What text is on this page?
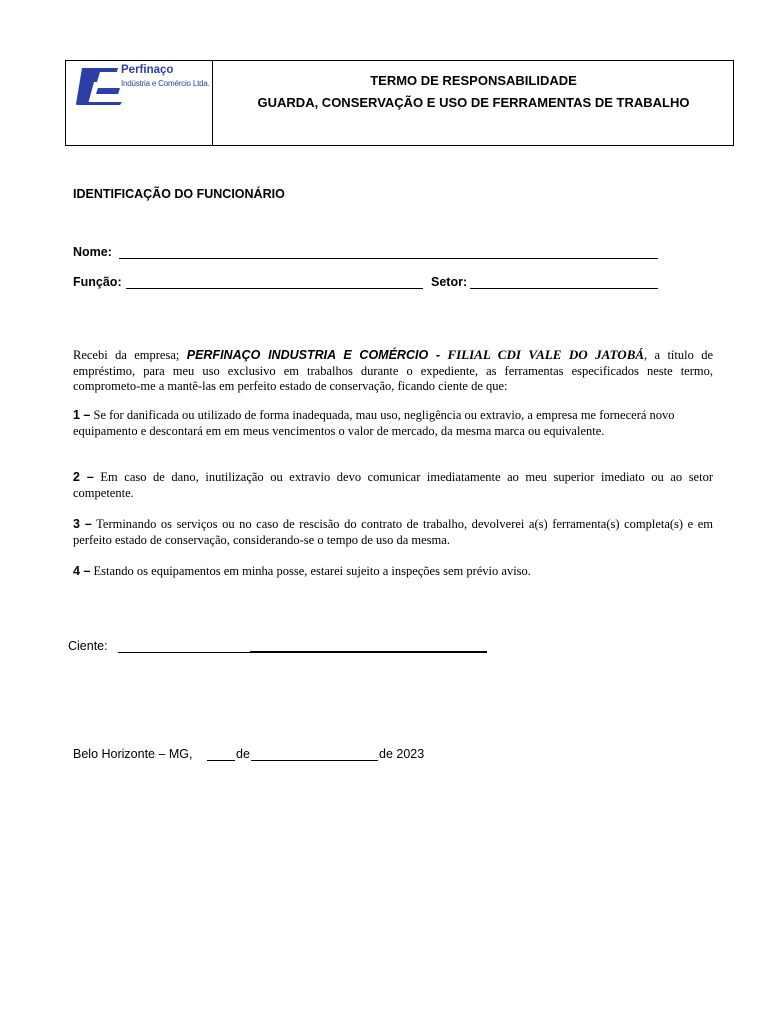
Perfinaço
Indústria e Comércio Ltda.	TERMO DE RESPONSABILIDADE
GUARDA, CONSERVAÇÃO E USO DE FERRAMENTAS DE TRABALHO
IDENTIFICAÇÃO DO FUNCIONÁRIO
Nome:
Função:	Setor:
Recebi da empresa; PERFINAÇO INDUSTRIA E COMÉRCIO - FILIAL CDI VALE DO JATOBÁ, a título de empréstimo, para meu uso exclusivo em trabalhos durante o expediente, as ferramentas especificados neste termo, comprometo-me a mantê-las em perfeito estado de conservação, ficando ciente de que:
1 – Se for danificada ou utilizado de forma inadequada, mau uso, negligência ou extravio, a empresa me fornecerá novo equipamento e descontará em em meus vencimentos o valor de mercado, da mesma marca ou equivalente.
2 – Em caso de dano, inutilização ou extravio devo comunicar imediatamente ao meu superior imediato ou ao setor competente.
3 – Terminando os serviços ou no caso de rescisão do contrato de trabalho, devolverei a(s) ferramenta(s) completa(s) e em perfeito estado de conservação, considerando-se o tempo de uso da mesma.
4 – Estando os equipamentos em minha posse, estarei sujeito a inspeções sem prévio aviso.
Ciente:
Belo Horizonte – MG,	de	de 2023
